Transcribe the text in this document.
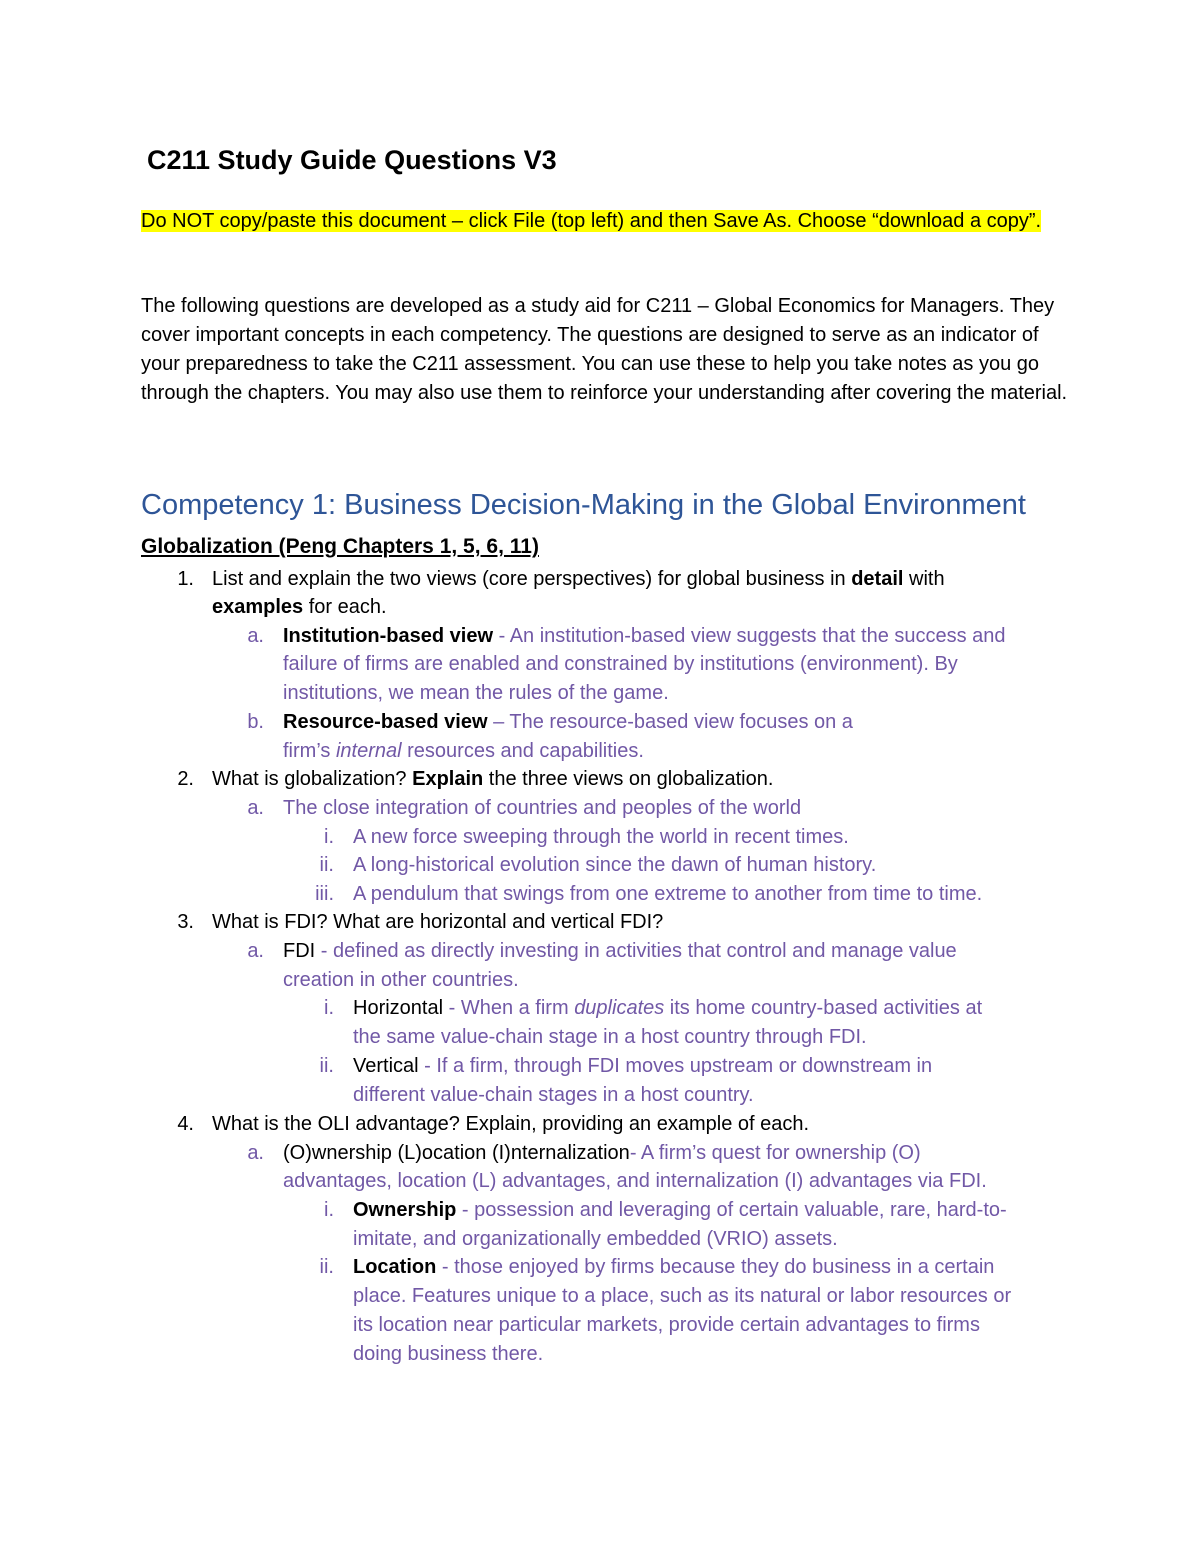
C211 Study Guide Questions V3
Do NOT copy/paste this document – click File (top left) and then Save As. Choose “download a copy”.
The following questions are developed as a study aid for C211 – Global Economics for Managers. They cover important concepts in each competency. The questions are designed to serve as an indicator of your preparedness to take the C211 assessment. You can use these to help you take notes as you go through the chapters. You may also use them to reinforce your understanding after covering the material.
Competency 1: Business Decision-Making in the Global Environment
Globalization (Peng Chapters 1, 5, 6, 11)
1. List and explain the two views (core perspectives) for global business in detail with
examples for each.
a. Institution-based view - An institution-based view suggests that the success and
failure of firms are enabled and constrained by institutions (environment). By
institutions, we mean the rules of the game.
b. Resource-based view – The resource-based view focuses on a
firm’s internal resources and capabilities.
2. What is globalization? Explain the three views on globalization.
a. The close integration of countries and peoples of the world
i. A new force sweeping through the world in recent times.
ii. A long-historical evolution since the dawn of human history.
iii. A pendulum that swings from one extreme to another from time to time.
3. What is FDI? What are horizontal and vertical FDI?
a. FDI - defined as directly investing in activities that control and manage value
creation in other countries.
i. Horizontal - When a firm duplicates its home country-based activities at
the same value-chain stage in a host country through FDI.
ii. Vertical - If a firm, through FDI moves upstream or downstream in
different value-chain stages in a host country.
4. What is the OLI advantage? Explain, providing an example of each.
a. (O)wnership (L)ocation (I)nternalization- A firm’s quest for ownership (O)
advantages, location (L) advantages, and internalization (I) advantages via FDI.
i. Ownership - possession and leveraging of certain valuable, rare, hard-to-
imitate, and organizationally embedded (VRIO) assets.
ii. Location - those enjoyed by firms because they do business in a certain
place. Features unique to a place, such as its natural or labor resources or
its location near particular markets, provide certain advantages to firms
doing business there.
